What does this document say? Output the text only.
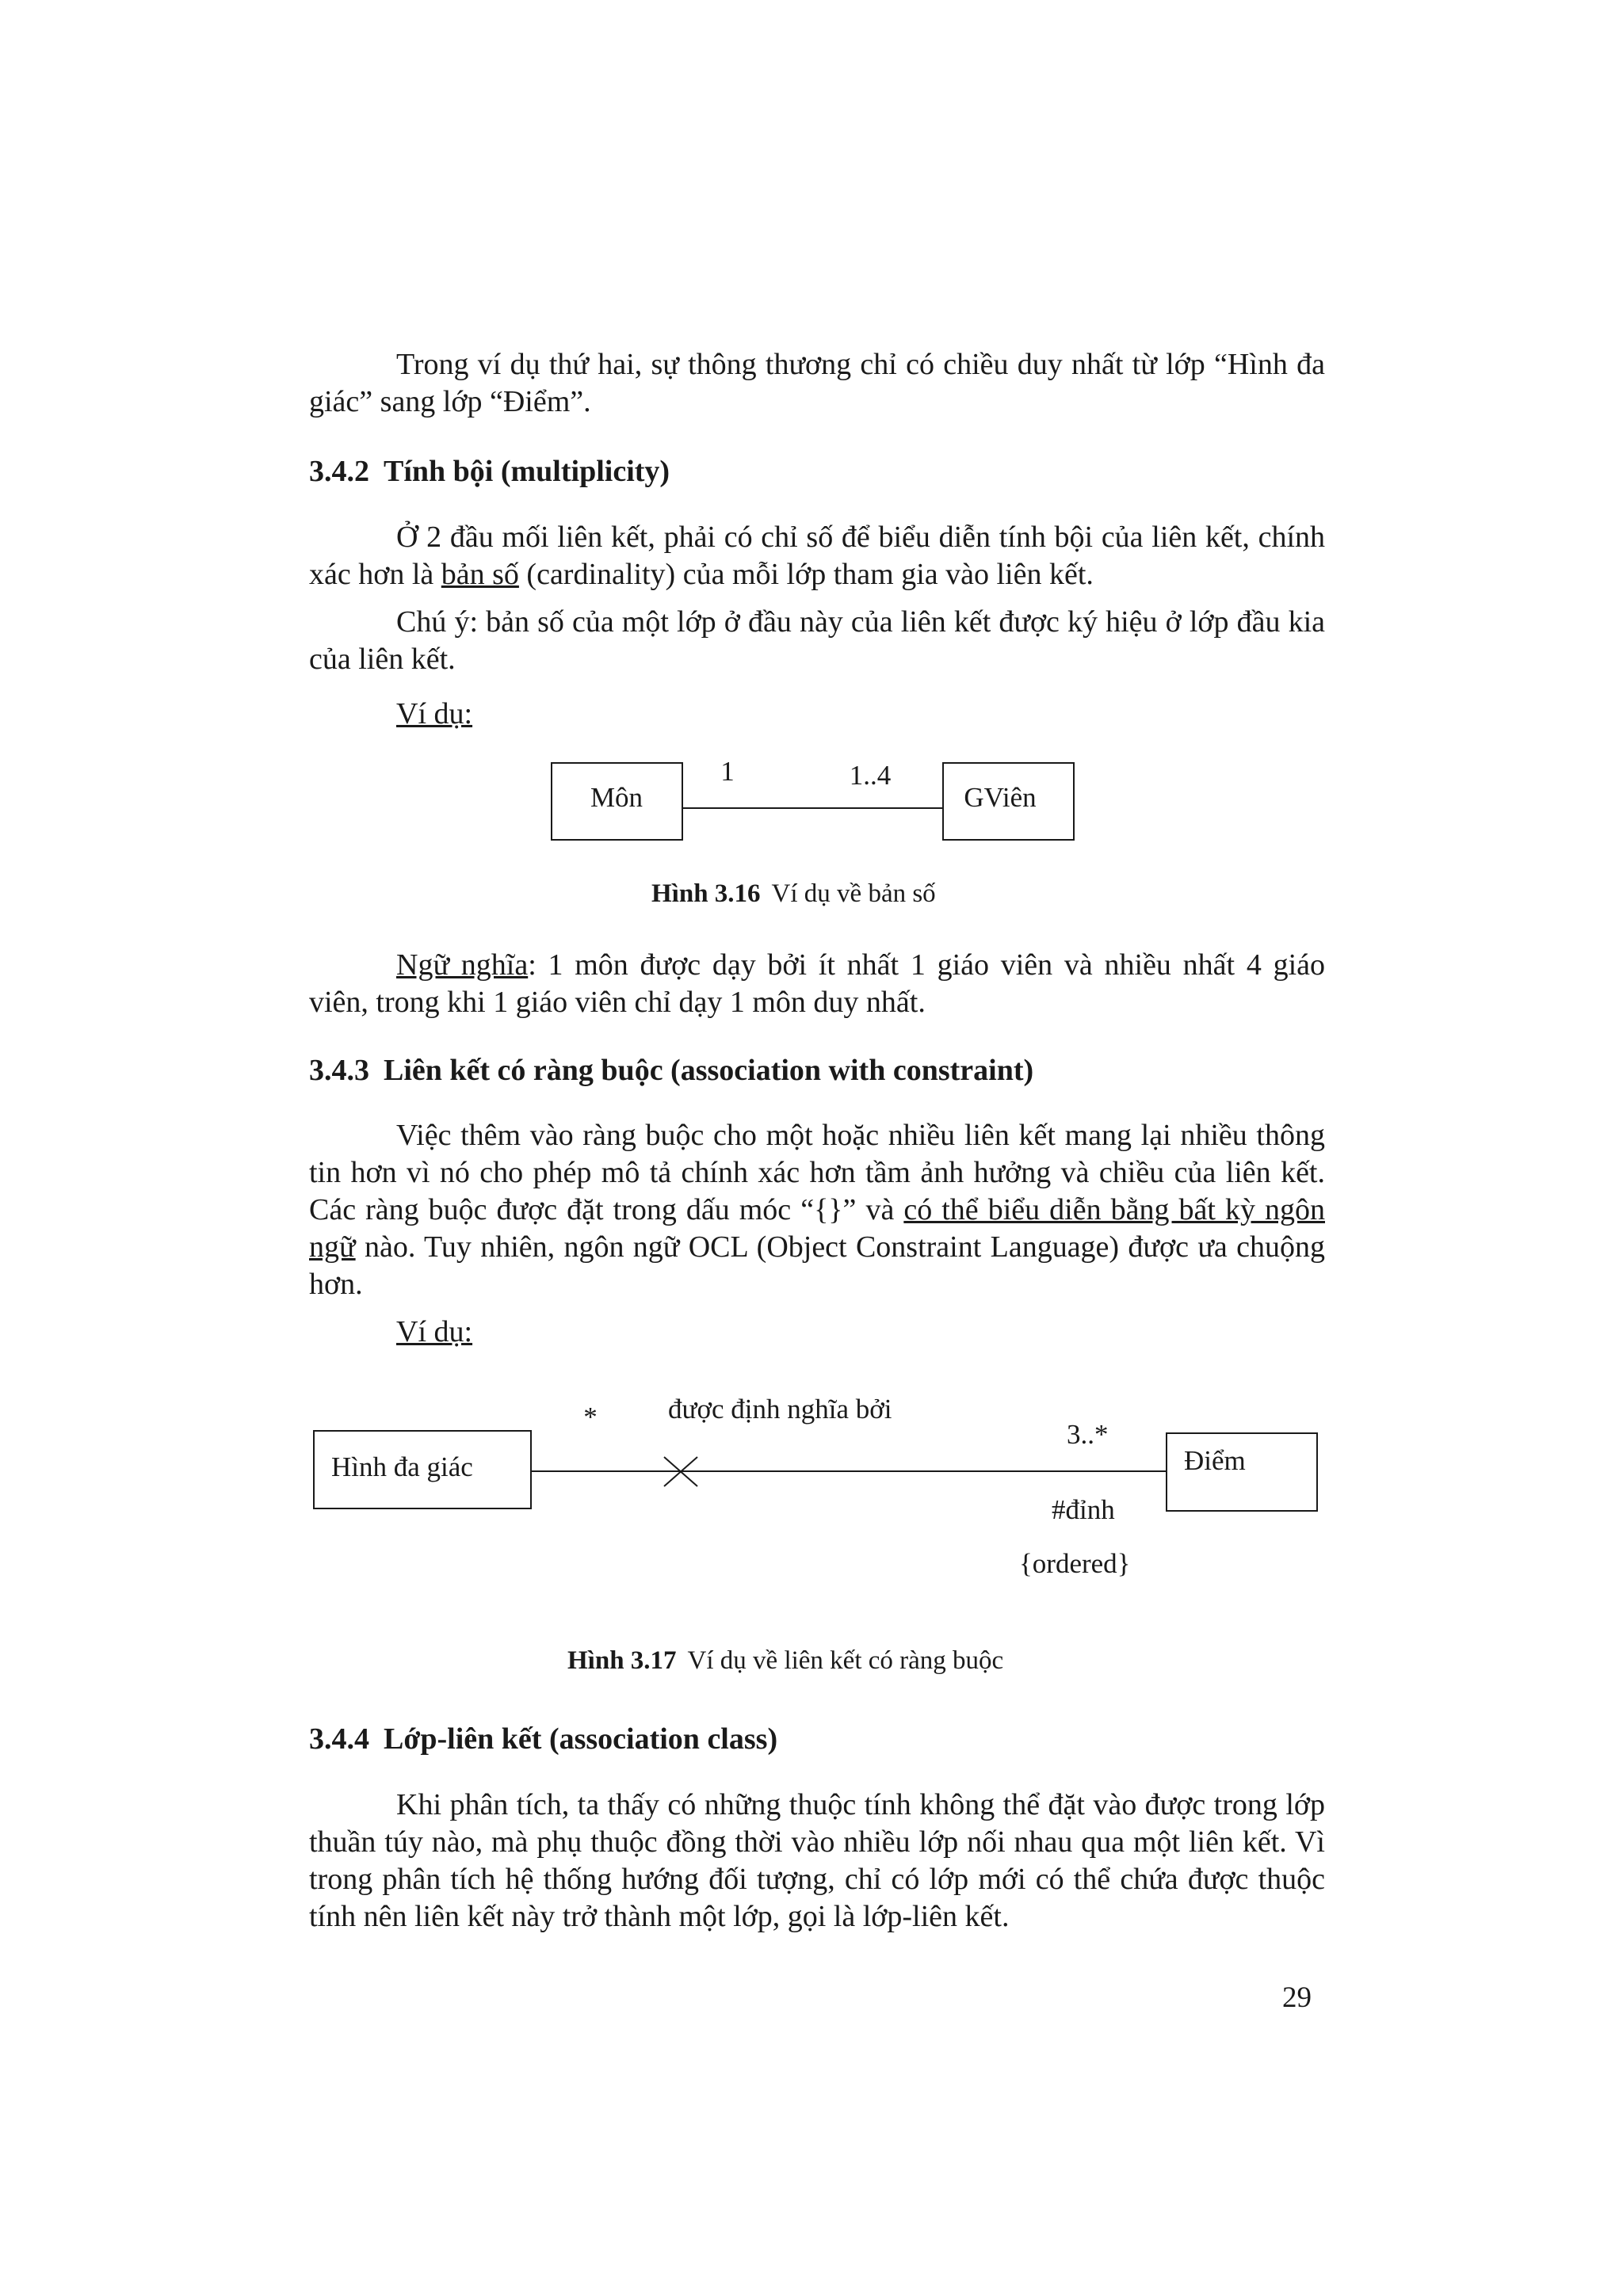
Trong ví dụ thứ hai, sự thông thương chỉ có chiều duy nhất từ lớp “Hình đa giác” sang lớp “Điểm”.

3.4.2 Tính bội (multiplicity)

Ở 2 đầu mối liên kết, phải có chỉ số để biểu diễn tính bội của liên kết, chính xác hơn là bản số (cardinality) của mỗi lớp tham gia vào liên kết.

Chú ý: bản số của một lớp ở đầu này của liên kết được ký hiệu ở lớp đầu kia của liên kết.

Ví dụ:

Hình 3.16 Ví dụ về bản số

Ngữ nghĩa: 1 môn được dạy bởi ít nhất 1 giáo viên và nhiều nhất 4 giáo viên, trong khi 1 giáo viên chỉ dạy 1 môn duy nhất.

3.4.3 Liên kết có ràng buộc (association with constraint)

Việc thêm vào ràng buộc cho một hoặc nhiều liên kết mang lại nhiều thông tin hơn vì nó cho phép mô tả chính xác hơn tầm ảnh hưởng và chiều của liên kết. Các ràng buộc được đặt trong dấu móc “{}” và có thể biểu diễn bằng bất kỳ ngôn ngữ nào. Tuy nhiên, ngôn ngữ OCL (Object Constraint Language) được ưa chuộng hơn.

Ví dụ:

Hình 3.17 Ví dụ về liên kết có ràng buộc

3.4.4 Lớp-liên kết (association class)

Khi phân tích, ta thấy có những thuộc tính không thể đặt vào được trong lớp thuần túy nào, mà phụ thuộc đồng thời vào nhiều lớp nối nhau qua một liên kết. Vì trong phân tích hệ thống hướng đối tượng, chỉ có lớp mới có thể chứa được thuộc tính nên liên kết này trở thành một lớp, gọi là lớp-liên kết.

29

Môn	GViên
1	1..4
Hình đa giác	Điểm
*	được định nghĩa bởi
3..*
#đỉnh
{ordered}
